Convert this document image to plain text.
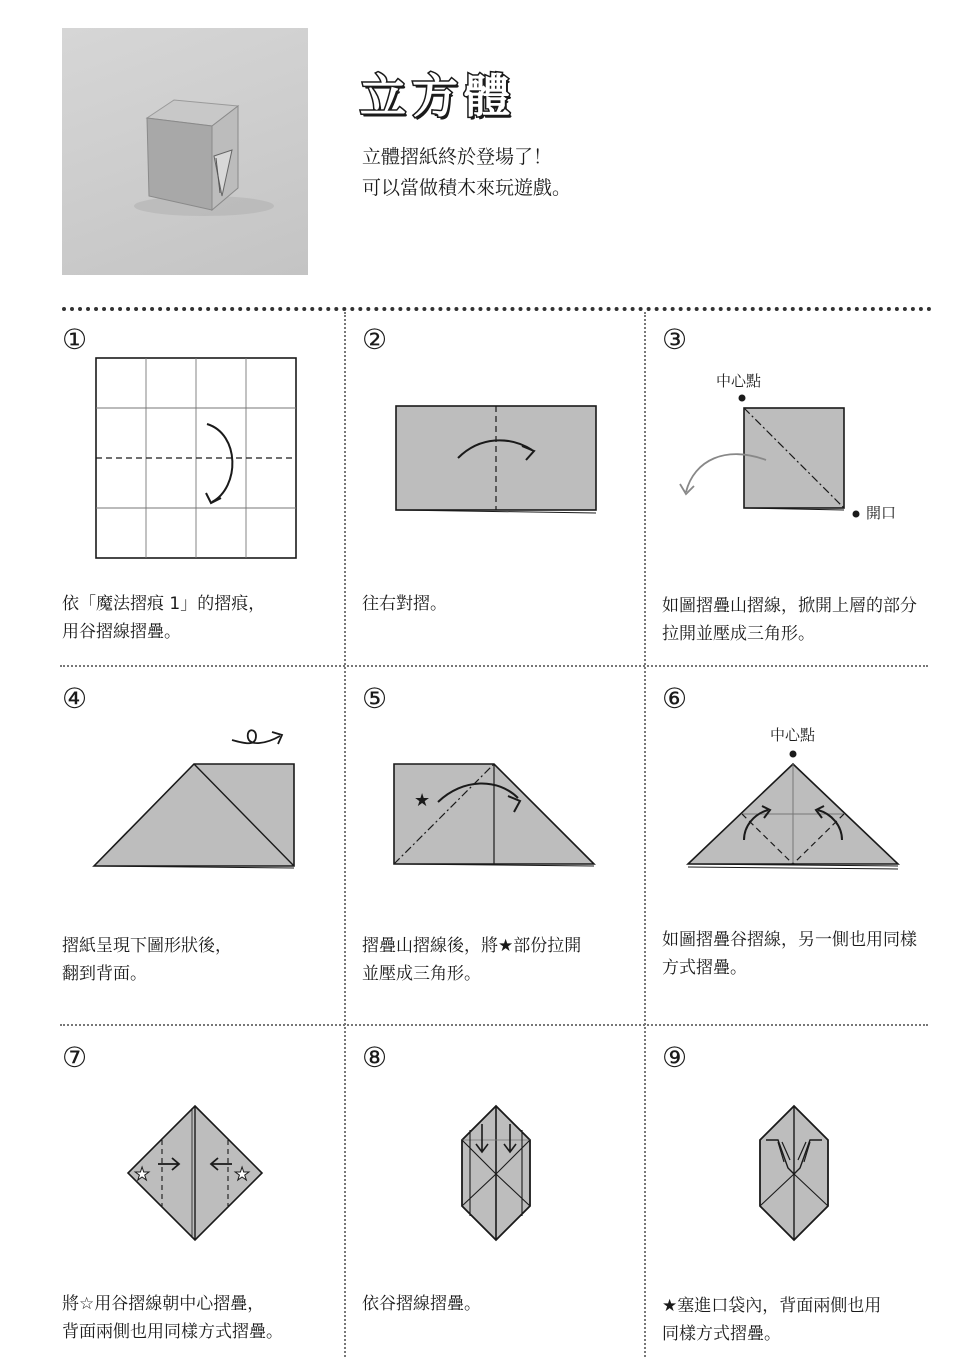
立方體
立體摺紙終於登場了！
可以當做積木來玩遊戲。
①
依「魔法摺痕 1」的摺痕，
用谷摺線摺疊。
②
往右對摺。
③
中心點
開口
如圖摺疊山摺線，掀開上層的部分
拉開並壓成三角形。
④
摺紙呈現下圖形狀後，
翻到背面。
⑤
★
摺疊山摺線後，將★部份拉開
並壓成三角形。
⑥
中心點
如圖摺疊谷摺線，另一側也用同樣
方式摺疊。
⑦
★	★
將☆用谷摺線朝中心摺疊，
背面兩側也用同樣方式摺疊。
⑧
依谷摺線摺疊。
⑨
★塞進口袋內，背面兩側也用
同樣方式摺疊。
